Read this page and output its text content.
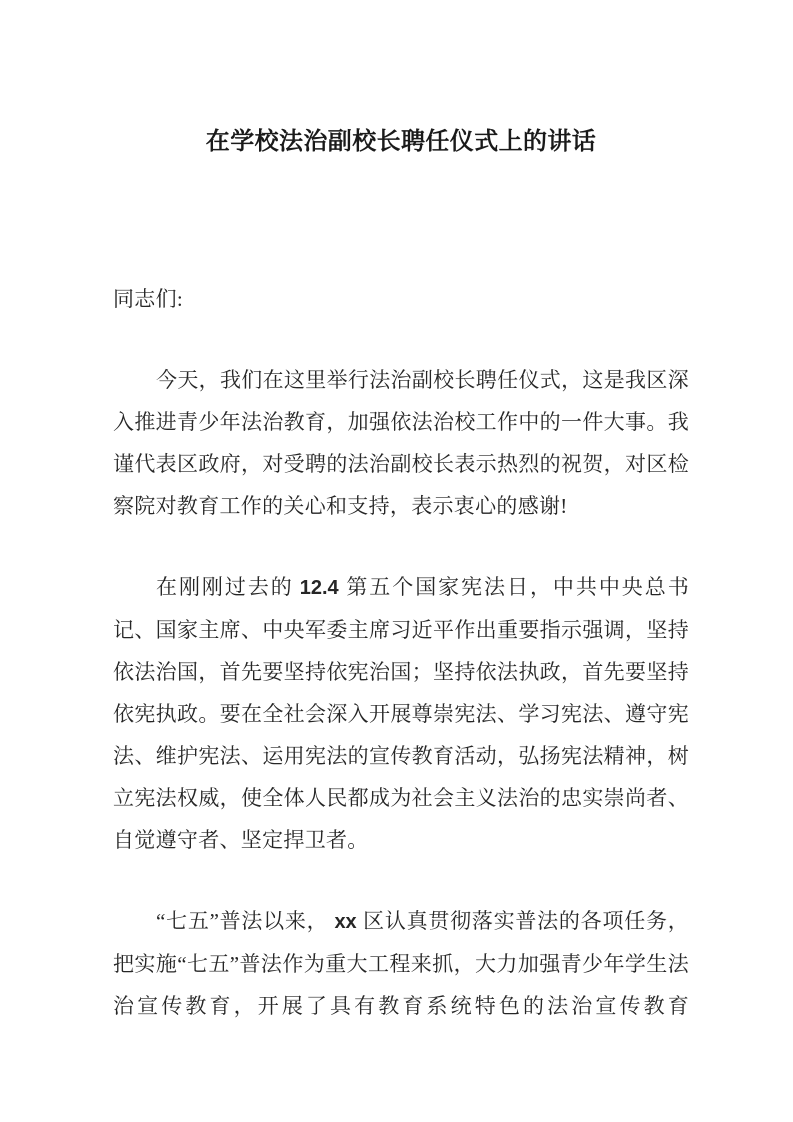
在学校法治副校长聘任仪式上的讲话

同志们:

今天，我们在这里举行法治副校长聘任仪式，这是我区深入推进青少年法治教育，加强依法治校工作中的一件大事。我谨代表区政府，对受聘的法治副校长表示热烈的祝贺，对区检察院对教育工作的关心和支持，表示衷心的感谢!

在刚刚过去的 12.4 第五个国家宪法日，中共中央总书记、国家主席、中央军委主席习近平作出重要指示强调，坚持依法治国，首先要坚持依宪治国；坚持依法执政，首先要坚持依宪执政。要在全社会深入开展尊崇宪法、学习宪法、遵守宪法、维护宪法、运用宪法的宣传教育活动，弘扬宪法精神，树立宪法权威，使全体人民都成为社会主义法治的忠实崇尚者、自觉遵守者、坚定捍卫者。

“七五”普法以来， xx 区认真贯彻落实普法的各项任务，把实施“七五”普法作为重大工程来抓，大力加强青少年学生法治宣传教育，开展了具有教育系统特色的法治宣传教育
